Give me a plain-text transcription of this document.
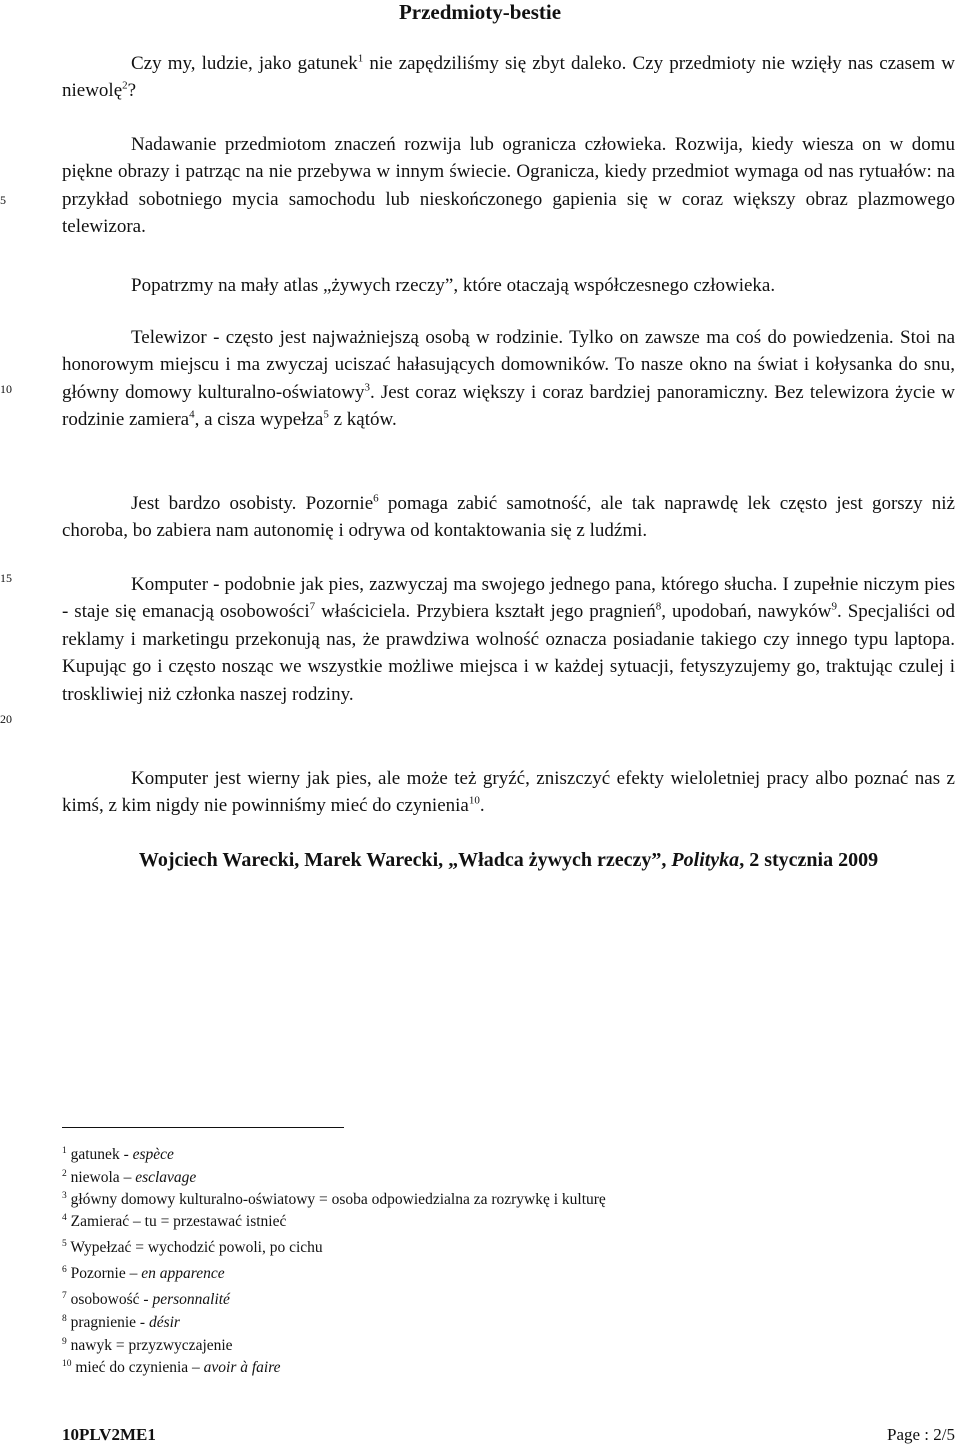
Przedmioty-bestie
5
10
15
20

Czy my, ludzie, jako gatunek$^1$ nie zapędziliśmy się zbyt daleko. Czy przedmioty nie wzięły nas czasem w niewolę$^2$?

Nadawanie przedmiotom znaczeń rozwija lub ogranicza człowieka. Rozwija, kiedy wiesza on w domu piękne obrazy i patrząc na nie przebywa w innym świecie. Ogranicza, kiedy przedmiot wymaga od nas rytuałów: na przykład sobotniego mycia samochodu lub nieskończonego gapienia się w coraz większy obraz plazmowego telewizora.

Popatrzmy na mały atlas „żywych rzeczy”, które otaczają współczesnego człowieka.

Telewizor - często jest najważniejszą osobą w rodzinie. Tylko on zawsze ma coś do powiedzenia. Stoi na honorowym miejscu i ma zwyczaj uciszać hałasujących domowników. To nasze okno na świat i kołysanka do snu, główny domowy kulturalno-oświatowy$^3$. Jest coraz większy i coraz bardziej panoramiczny. Bez telewizora życie w rodzinie zamiera$^4$, a cisza wypełza$^5$ z kątów.

Jest bardzo osobisty. Pozornie$^6$ pomaga zabić samotność, ale tak naprawdę lek często jest gorszy niż choroba, bo zabiera nam autonomię i odrywa od kontaktowania się z ludźmi.

Komputer - podobnie jak pies, zazwyczaj ma swojego jednego pana, którego słucha. I zupełnie niczym pies - staje się emanacją osobowości$^7$ właściciela. Przybiera kształt jego pragnień$^8$, upodobań, nawyków$^9$. Specjaliści od reklamy i marketingu przekonują nas, że prawdziwa wolność oznacza posiadanie takiego czy innego typu laptopa. Kupując go i często nosząc we wszystkie możliwe miejsca i w każdej sytuacji, fetyszyzujemy go, traktując czulej i troskliwiej niż członka naszej rodziny.

Komputer jest wierny jak pies, ale może też gryźć, zniszczyć efekty wieloletniej pracy albo poznać nas z kimś, z kim nigdy nie powinniśmy mieć do czynienia$^{10}$.

Wojciech Warecki, Marek Warecki, „Władca żywych rzeczy”, Polityka, 2 stycznia 2009
$^1$ gatunek - espèce
$^2$ niewola – esclavage
$^3$ główny domowy kulturalno-oświatowy = osoba odpowiedzialna za rozrywkę i kulturę
$^4$ Zamierać – tu = przestawać istnieć
$^5$ Wypełzać = wychodzić powoli, po cichu
$^6$ Pozornie – en apparence
$^7$ osobowość - personnalité
$^8$ pragnienie - désir
$^9$ nawyk = przyzwyczajenie
$^{10}$ mieć do czynienia – avoir à faire
10PLV2ME1	Page : 2/5
